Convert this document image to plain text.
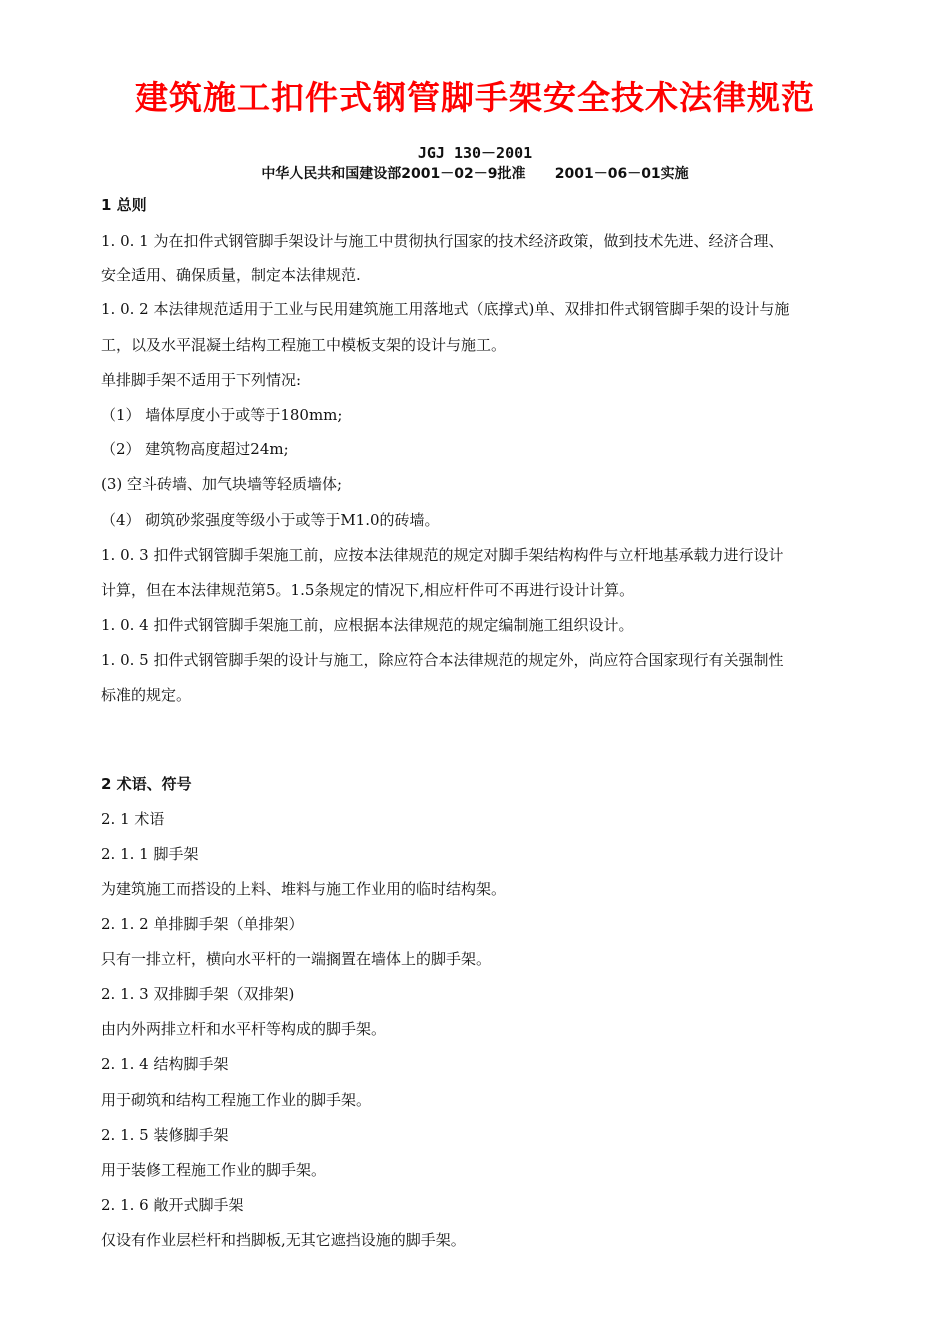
建筑施工扣件式钢管脚手架安全技术法律规范
JGJ 130－2001
中华人民共和国建设部2001－02－9批准      2001－06－01实施
1 总则
1. 0. 1 为在扣件式钢管脚手架设计与施工中贯彻执行国家的技术经济政策，做到技术先进、经济合理、
安全适用、确保质量，制定本法律规范.
1. 0. 2 本法律规范适用于工业与民用建筑施工用落地式（底撑式)单、双排扣件式钢管脚手架的设计与施
工，以及水平混凝土结构工程施工中模板支架的设计与施工。
单排脚手架不适用于下列情况:
（1） 墙体厚度小于或等于180mm;
（2） 建筑物高度超过24m;
(3) 空斗砖墙、加气块墙等轻质墙体;
（4） 砌筑砂浆强度等级小于或等于M1.0的砖墙。
1. 0. 3 扣件式钢管脚手架施工前，应按本法律规范的规定对脚手架结构构件与立杆地基承载力进行设计
计算，但在本法律规范第5。1.5条规定的情况下,相应杆件可不再进行设计计算。
1. 0. 4 扣件式钢管脚手架施工前，应根据本法律规范的规定编制施工组织设计。
1. 0. 5 扣件式钢管脚手架的设计与施工，除应符合本法律规范的规定外，尚应符合国家现行有关强制性
标准的规定。
2 术语、符号
2. 1 术语
2. 1. 1 脚手架
为建筑施工而搭设的上料、堆料与施工作业用的临时结构架。
2. 1. 2 单排脚手架（单排架）
只有一排立杆，横向水平杆的一端搁置在墙体上的脚手架。
2. 1. 3 双排脚手架（双排架)
由内外两排立杆和水平杆等构成的脚手架。
2. 1. 4 结构脚手架
用于砌筑和结构工程施工作业的脚手架。
2. 1. 5 装修脚手架
用于装修工程施工作业的脚手架。
2. 1. 6 敞开式脚手架
仅设有作业层栏杆和挡脚板,无其它遮挡设施的脚手架。
